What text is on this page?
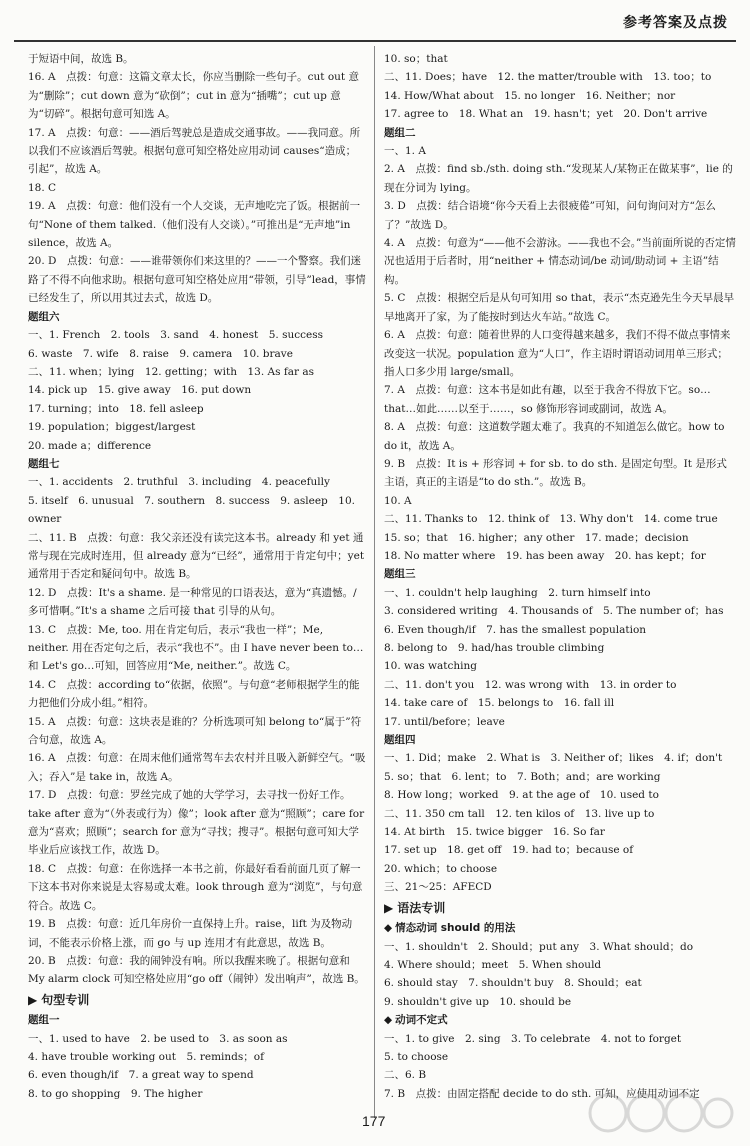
参考答案及点拨
于短语中间，故选 B。
16. A　点拨：句意：这篇文章太长，你应当删除一些句子。cut out 意为“删除”；cut down 意为“砍倒”；cut in 意为“插嘴”；cut up 意为“切碎”。根据句意可知选 A。
17. A　点拨：句意：——酒后驾驶总是造成交通事故。——我同意。所以我们不应该酒后驾驶。根据句意可知空格处应用动词 causes“造成；引起”，故选 A。
18. C
19. A　点拨：句意：他们没有一个人交谈，无声地吃完了饭。根据前一句“None of them talked.（他们没有人交谈）。”可推出是“无声地”in silence，故选 A。
20. D　点拨：句意：——谁带领你们来这里的？——一个警察。我们迷路了不得不向他求助。根据句意可知空格处应用“带领，引导”lead，事情已经发生了，所以用其过去式，故选 D。
题组六
一、1. French　2. tools　3. sand　4. honest　5. success
6. waste　7. wife　8. raise　9. camera　10. brave
二、11. when；lying　12. getting；with　13. As far as
14. pick up　15. give away　16. put down
17. turning；into　18. fell asleep
19. population；biggest/largest
20. made a；difference
题组七
一、1. accidents　2. truthful　3. including　4. peacefully
5. itself　6. unusual　7. southern　8. success　9. asleep　10. owner
二、11. B　点拨：句意：我父亲还没有读完这本书。already 和 yet 通常与现在完成时连用，但 already 意为“已经”，通常用于肯定句中；yet 通常用于否定和疑问句中。故选 B。
12. D　点拨：It's a shame. 是一种常见的口语表达，意为“真遗憾。/多可惜啊。”It's a shame 之后可接 that 引导的从句。
13. C　点拨：Me, too. 用在肯定句后，表示“我也一样”；Me, neither. 用在否定句之后，表示“我也不”。由 I have never been to…和 Let's go…可知，回答应用“Me, neither.”。故选 C。
14. C　点拨：according to“依据，依照”。与句意“老师根据学生的能力把他们分成小组。”相符。
15. A　点拨：句意：这块表是谁的？分析选项可知 belong to“属于”符合句意，故选 A。
16. A　点拨：句意：在周末他们通常驾车去农村并且吸入新鲜空气。“吸入；吞入”是 take in，故选 A。
17. D　点拨：句意：罗丝完成了她的大学学习，去寻找一份好工作。take after 意为“（外表或行为）像”；look after 意为“照顾”；care for 意为“喜欢；照顾”；search for 意为“寻找；搜寻”。根据句意可知大学毕业后应该找工作，故选 D。
18. C　点拨：句意：在你选择一本书之前，你最好看看前面几页了解一下这本书对你来说是太容易或太难。look through 意为“浏览”，与句意符合。故选 C。
19. B　点拨：句意：近几年房价一直保持上升。raise，lift 为及物动词，不能表示价格上涨，而 go 与 up 连用才有此意思，故选 B。
20. B　点拨：句意：我的闹钟没有响。所以我醒来晚了。根据句意和 My alarm clock 可知空格处应用“go off（闹钟）发出响声”，故选 B。
▶ 句型专训
题组一
一、1. used to have　2. be used to　3. as soon as
4. have trouble working out　5. reminds；of
6. even though/if　7. a great way to spend
8. to go shopping　9. The higher
10. so；that
二、11. Does；have　12. the matter/trouble with　13. too；to
14. How/What about　15. no longer　16. Neither；nor
17. agree to　18. What an　19. hasn't；yet　20. Don't arrive
题组二
一、1. A
2. A　点拨：find sb./sth. doing sth.“发现某人/某物正在做某事”，lie 的现在分词为 lying。
3. D　点拨：结合语境“你今天看上去很疲倦”可知，问句询问对方“怎么了？”故选 D。
4. A　点拨：句意为“——他不会游泳。——我也不会。”当前面所说的否定情况也适用于后者时，用“neither + 情态动词/be 动词/助动词 + 主语”结构。
5. C　点拨：根据空后是从句可知用 so that，表示“杰克逊先生今天早晨早早地离开了家，为了能按时到达火车站。”故选 C。
6. A　点拨：句意：随着世界的人口变得越来越多，我们不得不做点事情来改变这一状况。population 意为“人口”，作主语时谓语动词用单三形式；指人口多少用 large/small。
7. A　点拨：句意：这本书是如此有趣，以至于我舍不得放下它。so…that…如此……以至于……，so 修饰形容词或副词，故选 A。
8. A　点拨：句意：这道数学题太难了。我真的不知道怎么做它。how to do it，故选 A。
9. B　点拨：It is + 形容词 + for sb. to do sth. 是固定句型。It 是形式主语，真正的主语是“to do sth.”。故选 B。
10. A
二、11. Thanks to　12. think of　13. Why don't　14. come true
15. so；that　16. higher；any other　17. made；decision
18. No matter where　19. has been away　20. has kept；for
题组三
一、1. couldn't help laughing　2. turn himself into
3. considered writing　4. Thousands of　5. The number of；has
6. Even though/if　7. has the smallest population
8. belong to　9. had/has trouble climbing
10. was watching
二、11. don't you　12. was wrong with　13. in order to
14. take care of　15. belongs to　16. fall ill
17. until/before；leave
题组四
一、1. Did；make　2. What is　3. Neither of；likes　4. if；don't
5. so；that　6. lent；to　7. Both；and；are working
8. How long；worked　9. at the age of　10. used to
二、11. 350 cm tall　12. ten kilos of　13. live up to
14. At birth　15. twice bigger　16. So far
17. set up　18. get off　19. had to；because of
20. which；to choose
三、21～25：AFECD
▶ 语法专训
◆ 情态动词 should 的用法
一、1. shouldn't　2. Should；put any　3. What should；do
4. Where should；meet　5. When should
6. should stay　7. shouldn't buy　8. Should；eat
9. shouldn't give up　10. should be
◆ 动词不定式
一、1. to give　2. sing　3. To celebrate　4. not to forget
5. to choose
二、6. B
7. B　点拨：由固定搭配 decide to do sth. 可知，应使用动词不定
177
